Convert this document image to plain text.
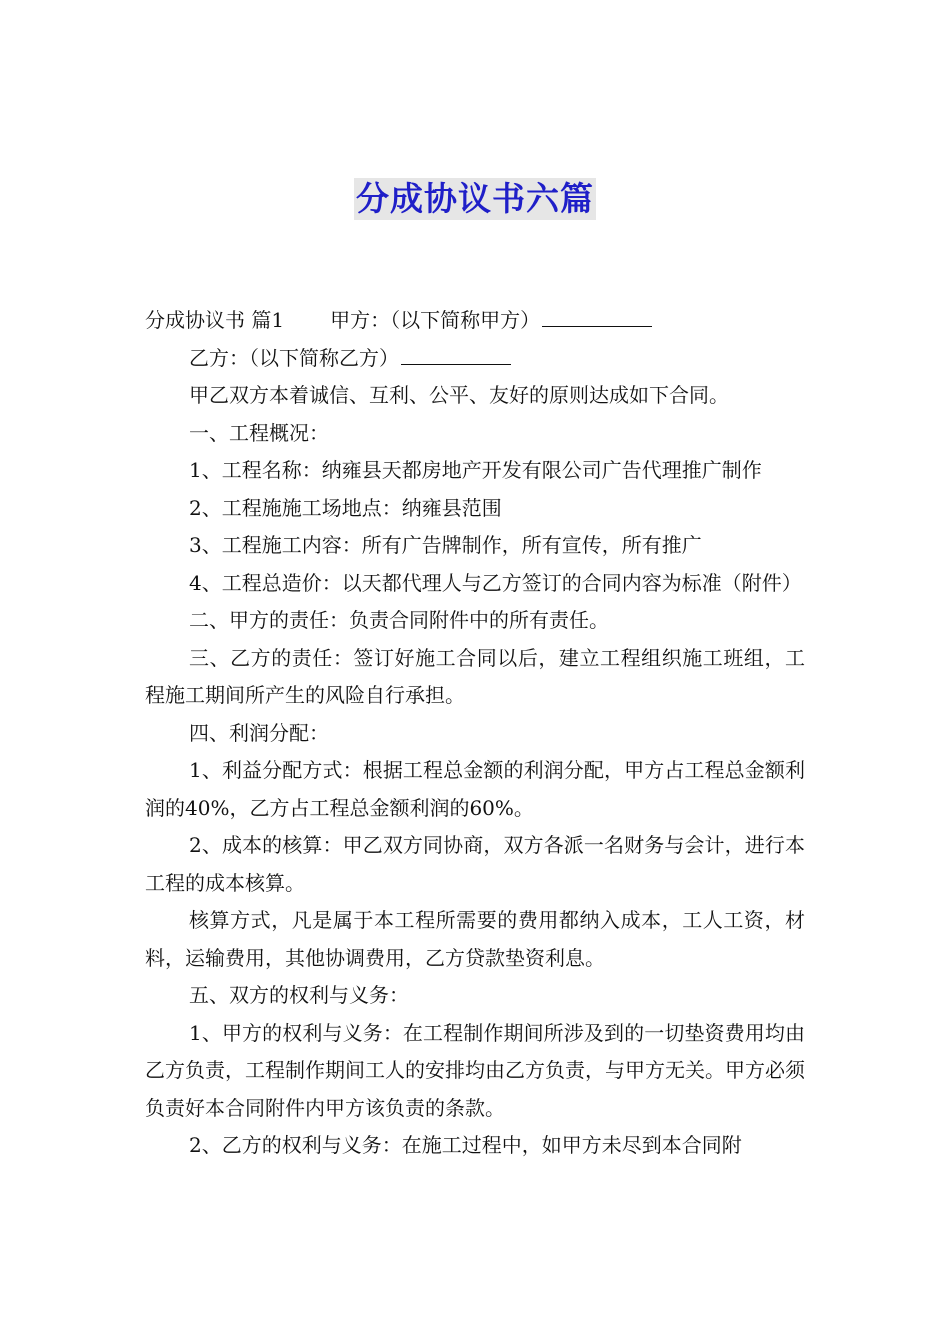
分成协议书六篇

分成协议书 篇1 甲方：（以下简称甲方）

乙方：（以下简称乙方）

甲乙双方本着诚信、互利、公平、友好的原则达成如下合同。

一、工程概况：

1、工程名称：纳雍县天都房地产开发有限公司广告代理推广制作

2、工程施施工场地点：纳雍县范围

3、工程施工内容：所有广告牌制作，所有宣传，所有推广

4、工程总造价：以天都代理人与乙方签订的合同内容为标准（附件）

二、甲方的责任：负责合同附件中的所有责任。

三、乙方的责任：签订好施工合同以后，建立工程组织施工班组，工程施工期间所产生的风险自行承担。

四、利润分配：

1、利益分配方式：根据工程总金额的利润分配，甲方占工程总金额利润的40%，乙方占工程总金额利润的60%。

2、成本的核算：甲乙双方同协商，双方各派一名财务与会计，进行本工程的成本核算。

核算方式，凡是属于本工程所需要的费用都纳入成本，工人工资，材料，运输费用，其他协调费用，乙方贷款垫资利息。

五、双方的权利与义务：

1、甲方的权利与义务：在工程制作期间所涉及到的一切垫资费用均由乙方负责，工程制作期间工人的安排均由乙方负责，与甲方无关。甲方必须负责好本合同附件内甲方该负责的条款。

2、乙方的权利与义务：在施工过程中，如甲方未尽到本合同附
